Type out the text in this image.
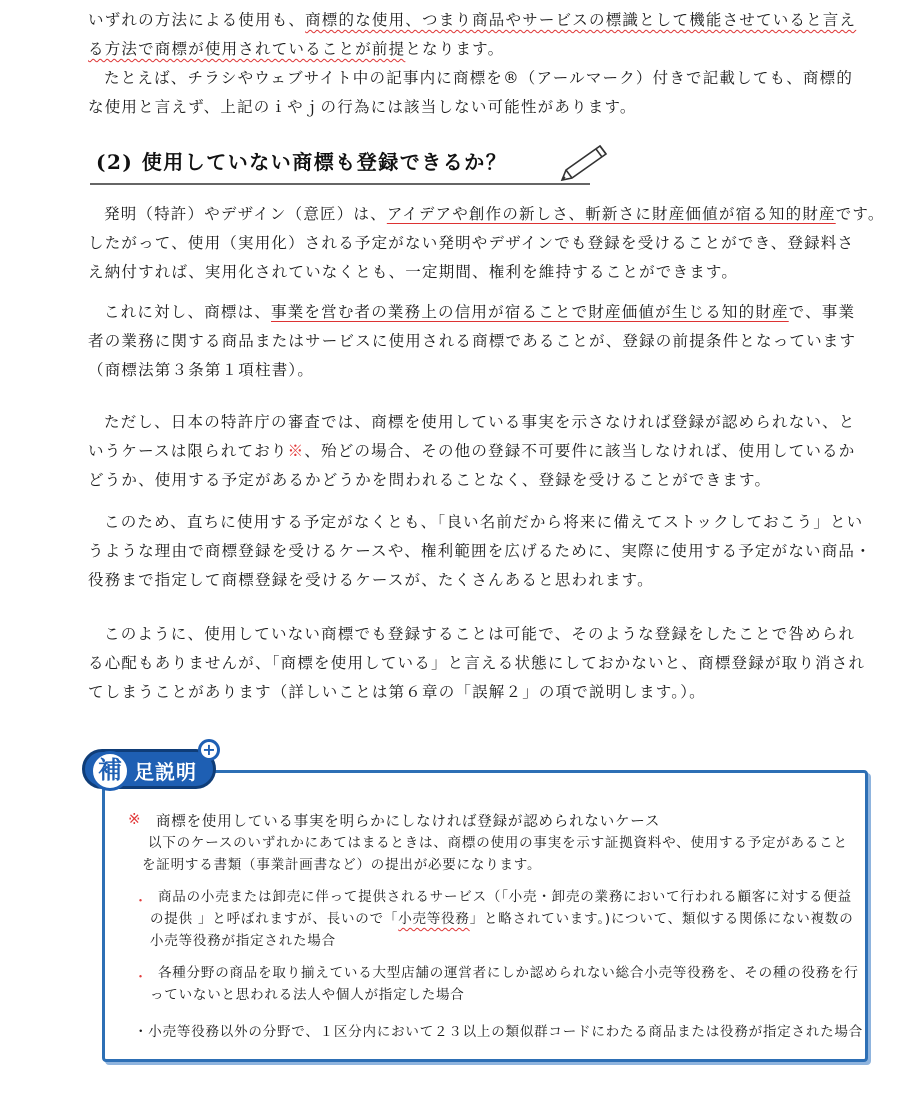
いずれの方法による使用も、商標的な使用、つまり商品やサービスの標識として機能させていると言え
る方法で商標が使用されていることが前提となります。
たとえば、チラシやウェブサイト中の記事内に商標を®（アールマーク）付きで記載しても、商標的
な使用と言えず、上記のｉやｊの行為には該当しない可能性があります。
(2) 使用していない商標も登録できるか？
発明（特許）やデザイン（意匠）は、アイデアや創作の新しさ、斬新さに財産価値が宿る知的財産です。
したがって、使用（実用化）される予定がない発明やデザインでも登録を受けることができ、登録料さ
え納付すれば、実用化されていなくとも、一定期間、権利を維持することができます。
これに対し、商標は、事業を営む者の業務上の信用が宿ることで財産価値が生じる知的財産で、事業
者の業務に関する商品またはサービスに使用される商標であることが、登録の前提条件となっています
（商標法第３条第１項柱書）。
ただし、日本の特許庁の審査では、商標を使用している事実を示さなければ登録が認められない、と
いうケースは限られており※、殆どの場合、その他の登録不可要件に該当しなければ、使用しているか
どうか、使用する予定があるかどうかを問われることなく、登録を受けることができます。
このため、直ちに使用する予定がなくとも、「良い名前だから将来に備えてストックしておこう」とい
うような理由で商標登録を受けるケースや、権利範囲を広げるために、実際に使用する予定がない商品・
役務まで指定して商標登録を受けるケースが、たくさんあると思われます。
このように、使用していない商標でも登録することは可能で、そのような登録をしたことで咎められ
る心配もありませんが、「商標を使用している」と言える状態にしておかないと、商標登録が取り消され
てしまうことがあります（詳しいことは第６章の「誤解２」の項で説明します。）。
補 足説明
+
※ 商標を使用している事実を明らかにしなければ登録が認められないケース
以下のケースのいずれかにあてはまるときは、商標の使用の事実を示す証拠資料や、使用する予定があること
を証明する書類（事業計画書など）の提出が必要になります。
・ 商品の小売または卸売に伴って提供されるサービス（「小売・卸売の業務において行われる顧客に対する便益
の提供 」と呼ばれますが、長いので「小売等役務」と略されています。)について、類似する関係にない複数の
小売等役務が指定された場合
・ 各種分野の商品を取り揃えている大型店舗の運営者にしか認められない総合小売等役務を、その種の役務を行
っていないと思われる法人や個人が指定した場合
・小売等役務以外の分野で、１区分内において２３以上の類似群コードにわたる商品または役務が指定された場合
